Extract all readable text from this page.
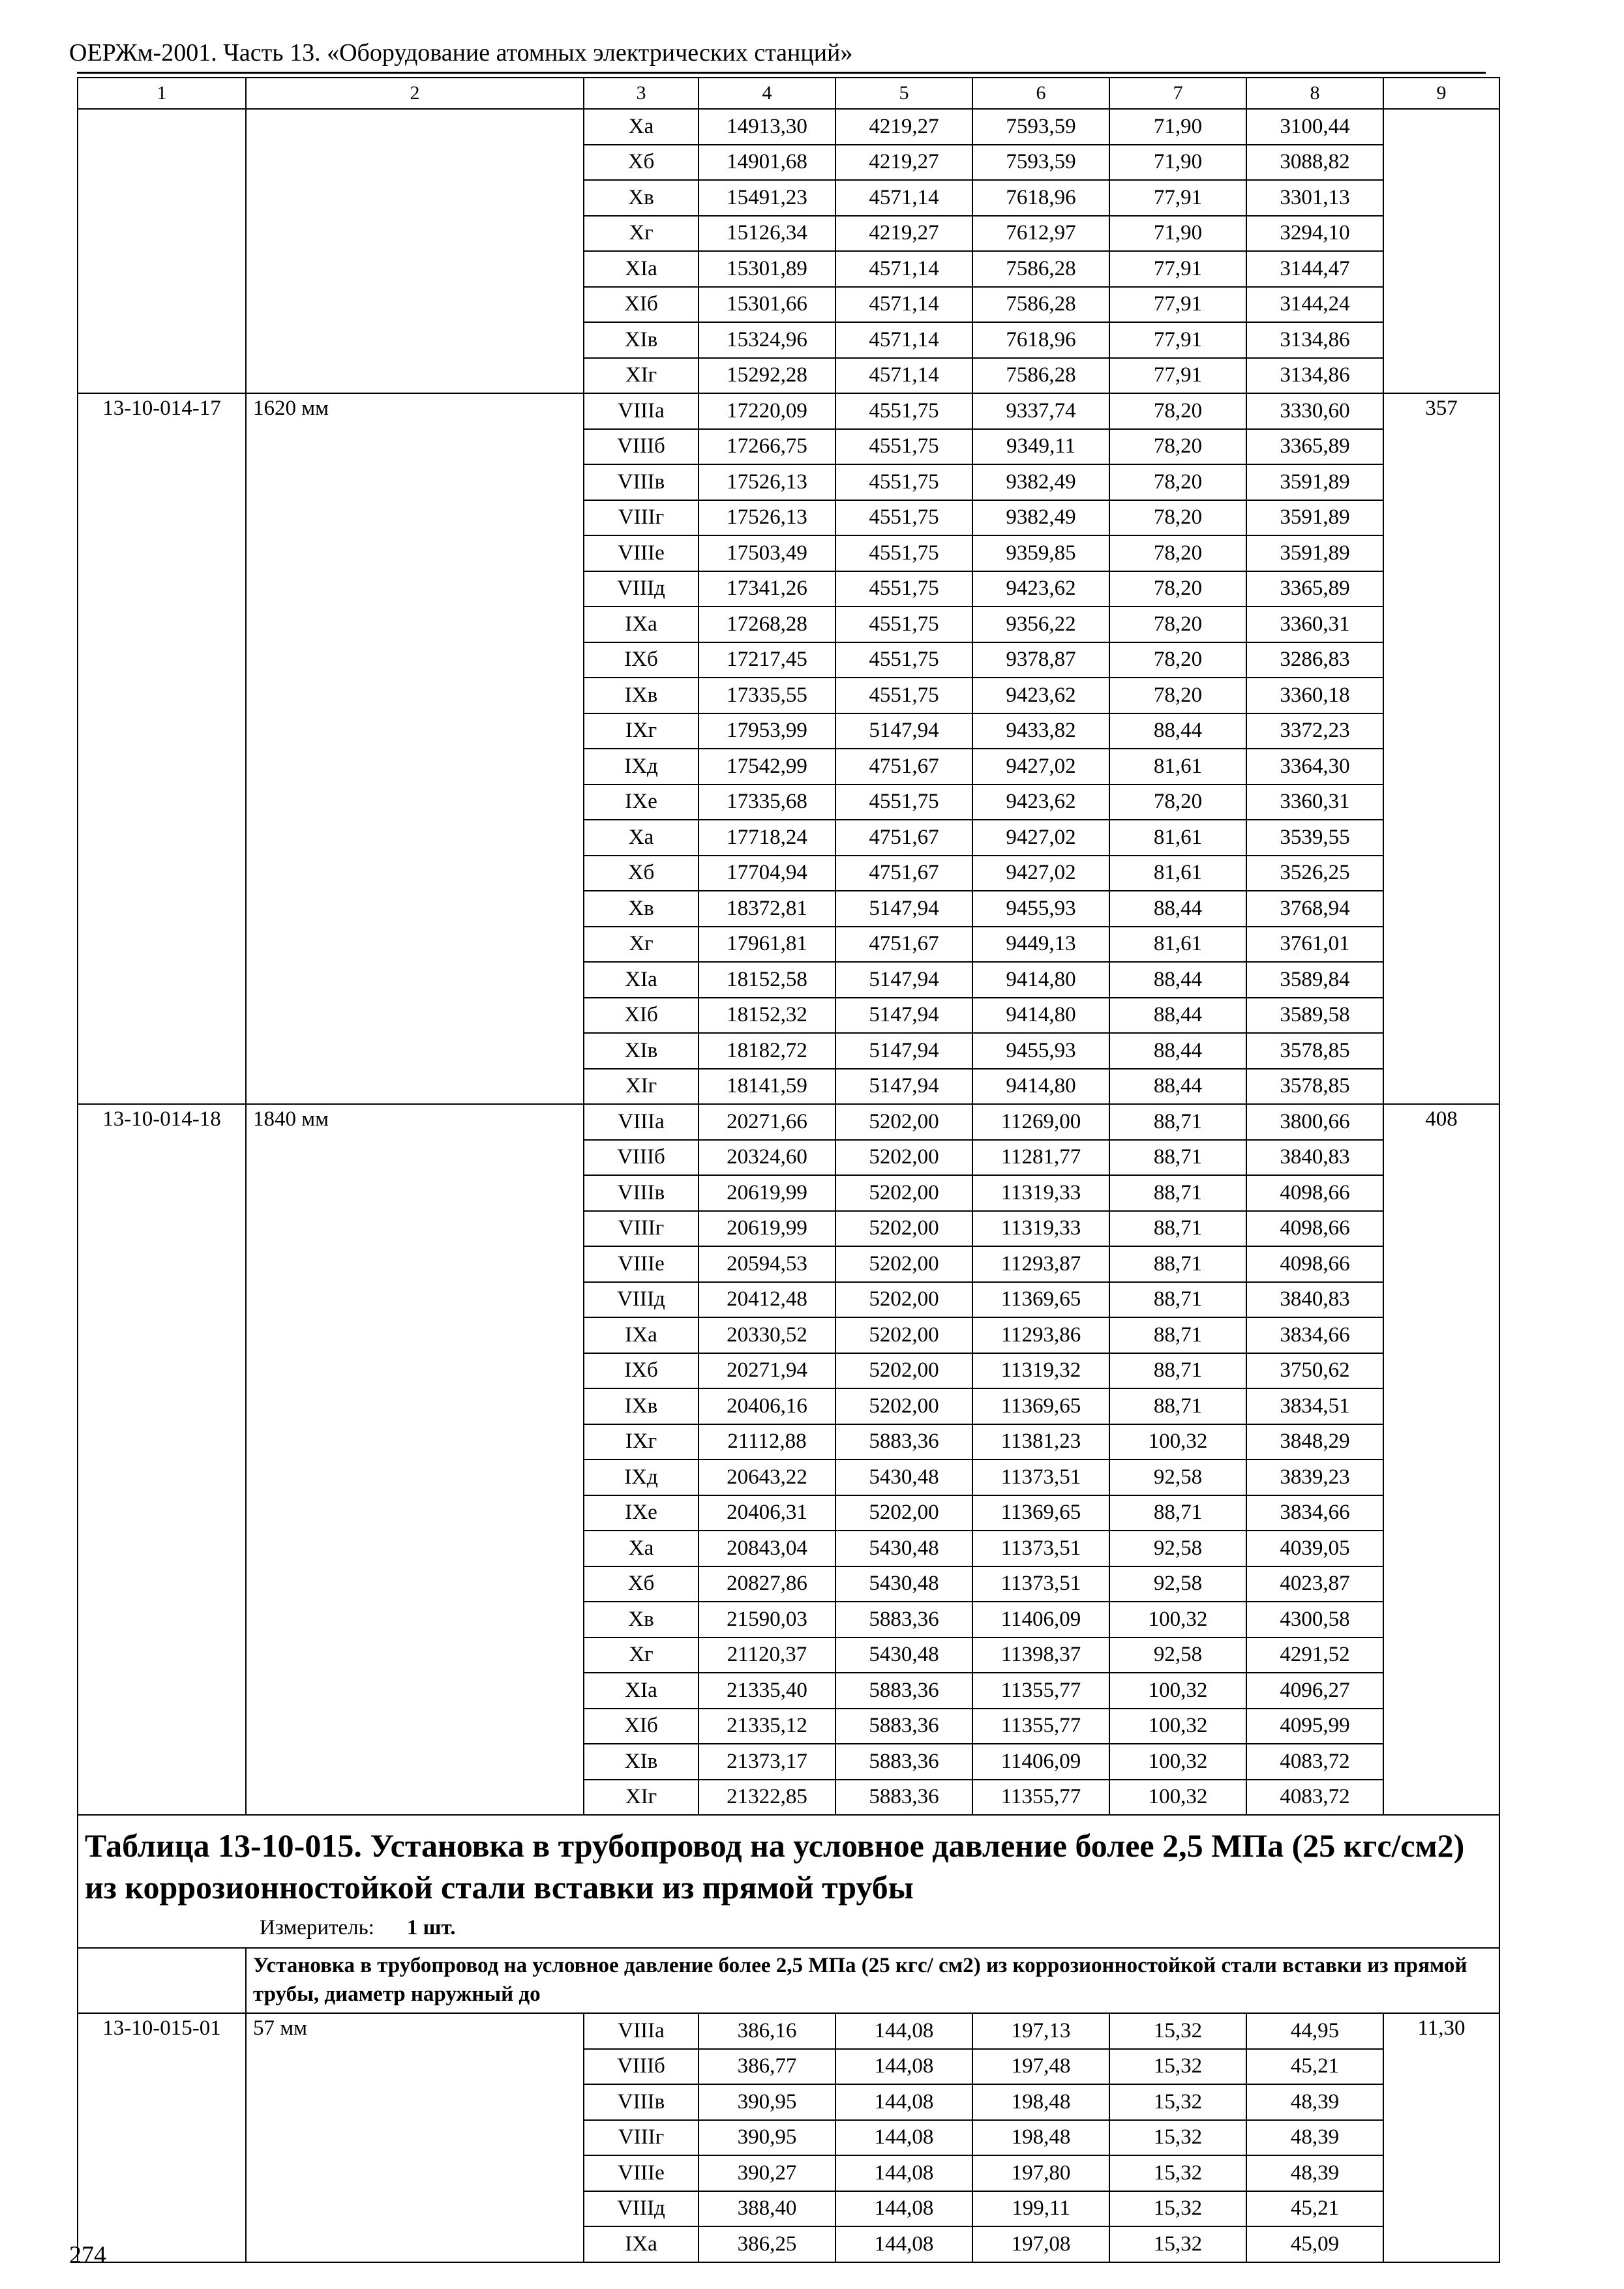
ОЕРЖм-2001. Часть 13. «Оборудование атомных электрических станций»
1	2	3	4	5	6	7	8	9
		Xа	14913,30	4219,27	7593,59	71,90	3100,44	
		Xб	14901,68	4219,27	7593,59	71,90	3088,82	
		Xв	15491,23	4571,14	7618,96	77,91	3301,13	
		Xг	15126,34	4219,27	7612,97	71,90	3294,10	
		XIа	15301,89	4571,14	7586,28	77,91	3144,47	
		XIб	15301,66	4571,14	7586,28	77,91	3144,24	
		XIв	15324,96	4571,14	7618,96	77,91	3134,86	
		XIг	15292,28	4571,14	7586,28	77,91	3134,86	
13-10-014-17	1620 мм	VIIIа	17220,09	4551,75	9337,74	78,20	3330,60	357
		VIIIб	17266,75	4551,75	9349,11	78,20	3365,89	
		VIIIв	17526,13	4551,75	9382,49	78,20	3591,89	
		VIIIг	17526,13	4551,75	9382,49	78,20	3591,89	
		VIIIе	17503,49	4551,75	9359,85	78,20	3591,89	
		VIIIд	17341,26	4551,75	9423,62	78,20	3365,89	
		IXа	17268,28	4551,75	9356,22	78,20	3360,31	
		IXб	17217,45	4551,75	9378,87	78,20	3286,83	
		IXв	17335,55	4551,75	9423,62	78,20	3360,18	
		IXг	17953,99	5147,94	9433,82	88,44	3372,23	
		IXд	17542,99	4751,67	9427,02	81,61	3364,30	
		IXе	17335,68	4551,75	9423,62	78,20	3360,31	
		Xа	17718,24	4751,67	9427,02	81,61	3539,55	
		Xб	17704,94	4751,67	9427,02	81,61	3526,25	
		Xв	18372,81	5147,94	9455,93	88,44	3768,94	
		Xг	17961,81	4751,67	9449,13	81,61	3761,01	
		XIа	18152,58	5147,94	9414,80	88,44	3589,84	
		XIб	18152,32	5147,94	9414,80	88,44	3589,58	
		XIв	18182,72	5147,94	9455,93	88,44	3578,85	
		XIг	18141,59	5147,94	9414,80	88,44	3578,85	
13-10-014-18	1840 мм	VIIIа	20271,66	5202,00	11269,00	88,71	3800,66	408
		VIIIб	20324,60	5202,00	11281,77	88,71	3840,83	
		VIIIв	20619,99	5202,00	11319,33	88,71	4098,66	
		VIIIг	20619,99	5202,00	11319,33	88,71	4098,66	
		VIIIе	20594,53	5202,00	11293,87	88,71	4098,66	
		VIIIд	20412,48	5202,00	11369,65	88,71	3840,83	
		IXа	20330,52	5202,00	11293,86	88,71	3834,66	
		IXб	20271,94	5202,00	11319,32	88,71	3750,62	
		IXв	20406,16	5202,00	11369,65	88,71	3834,51	
		IXг	21112,88	5883,36	11381,23	100,32	3848,29	
		IXд	20643,22	5430,48	11373,51	92,58	3839,23	
		IXе	20406,31	5202,00	11369,65	88,71	3834,66	
		Xа	20843,04	5430,48	11373,51	92,58	4039,05	
		Xб	20827,86	5430,48	11373,51	92,58	4023,87	
		Xв	21590,03	5883,36	11406,09	100,32	4300,58	
		Xг	21120,37	5430,48	11398,37	92,58	4291,52	
		XIа	21335,40	5883,36	11355,77	100,32	4096,27	
		XIб	21335,12	5883,36	11355,77	100,32	4095,99	
		XIв	21373,17	5883,36	11406,09	100,32	4083,72	
		XIг	21322,85	5883,36	11355,77	100,32	4083,72	

Таблица 13-10-015. Установка в трубопровод на условное давление более 2,5 МПа (25 кгс/см2) из коррозионностойкой стали вставки из прямой трубы
Измеритель: 1 шт.								

	Установка в трубопровод на условное давление более 2,5 МПа (25 кгс/ см2) из коррозионностойкой стали вставки из прямой трубы, диаметр наружный до							
13-10-015-01	57 мм	VIIIа	386,16	144,08	197,13	15,32	44,95	11,30
		VIIIб	386,77	144,08	197,48	15,32	45,21	
		VIIIв	390,95	144,08	198,48	15,32	48,39	
		VIIIг	390,95	144,08	198,48	15,32	48,39	
		VIIIе	390,27	144,08	197,80	15,32	48,39	
		VIIIд	388,40	144,08	199,11	15,32	45,21	
		IXа	386,25	144,08	197,08	15,32	45,09	
274
